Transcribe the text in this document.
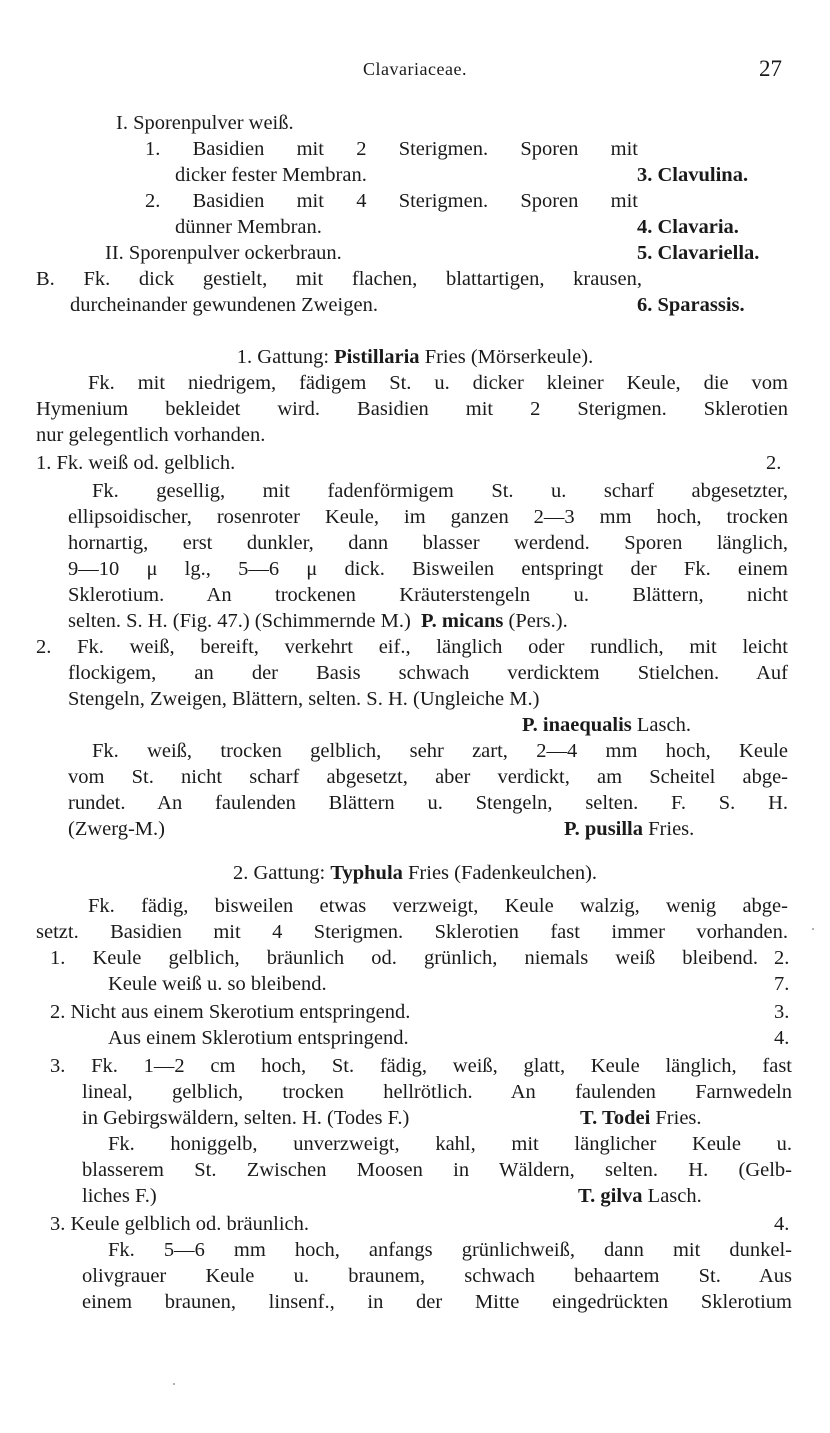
Clavariaceae.	27
I. Sporenpulver weiß.
1. Basidien mit 2 Sterigmen. Sporen mit
dicker fester Membran.	3. Clavulina.
2. Basidien mit 4 Sterigmen. Sporen mit
dünner Membran.	4. Clavaria.
II. Sporenpulver ockerbraun.	5. Clavariella.
B. Fk. dick gestielt, mit flachen, blattartigen, krausen,
durcheinander gewundenen Zweigen.	6. Sparassis.
1. Gattung: Pistillaria Fries (Mörserkeule).
Fk. mit niedrigem, fädigem St. u. dicker kleiner Keule, die vom
Hymenium bekleidet wird. Basidien mit 2 Sterigmen. Sklerotien
nur gelegentlich vorhanden.
1. Fk. weiß od. gelblich.	2.
Fk. gesellig, mit fadenförmigem St. u. scharf abgesetzter,
ellipsoidischer, rosenroter Keule, im ganzen 2—3 mm hoch, trocken
hornartig, erst dunkler, dann blasser werdend. Sporen länglich,
9—10 μ lg., 5—6 μ dick. Bisweilen entspringt der Fk. einem
Sklerotium. An trockenen Kräuterstengeln u. Blättern, nicht
selten. S. H. (Fig. 47.) (Schimmernde M.) P. micans (Pers.).
2. Fk. weiß, bereift, verkehrt eif., länglich oder rundlich, mit leicht
flockigem, an der Basis schwach verdicktem Stielchen. Auf
Stengeln, Zweigen, Blättern, selten. S. H. (Ungleiche M.)
P. inaequalis Lasch.
Fk. weiß, trocken gelblich, sehr zart, 2—4 mm hoch, Keule
vom St. nicht scharf abgesetzt, aber verdickt, am Scheitel abge-
rundet. An faulenden Blättern u. Stengeln, selten. F. S. H.
(Zwerg-M.)	P. pusilla Fries.
2. Gattung: Typhula Fries (Fadenkeulchen).
Fk. fädig, bisweilen etwas verzweigt, Keule walzig, wenig abge-
setzt. Basidien mit 4 Sterigmen. Sklerotien fast immer vorhanden.
1. Keule gelblich, bräunlich od. grünlich, niemals weiß bleibend. 2.
Keule weiß u. so bleibend.	7.
2. Nicht aus einem Skerotium entspringend.	3.
Aus einem Sklerotium entspringend.	4.
3. Fk. 1—2 cm hoch, St. fädig, weiß, glatt, Keule länglich, fast
lineal, gelblich, trocken hellrötlich. An faulenden Farnwedeln
in Gebirgswäldern, selten. H. (Todes F.)	T. Todei Fries.
Fk. honiggelb, unverzweigt, kahl, mit länglicher Keule u.
blasserem St. Zwischen Moosen in Wäldern, selten. H. (Gelb-
liches F.)	T. gilva Lasch.
3. Keule gelblich od. bräunlich.	4.
Fk. 5—6 mm hoch, anfangs grünlichweiß, dann mit dunkel-
olivgrauer Keule u. braunem, schwach behaartem St. Aus
einem braunen, linsenf., in der Mitte eingedrückten Sklerotium
